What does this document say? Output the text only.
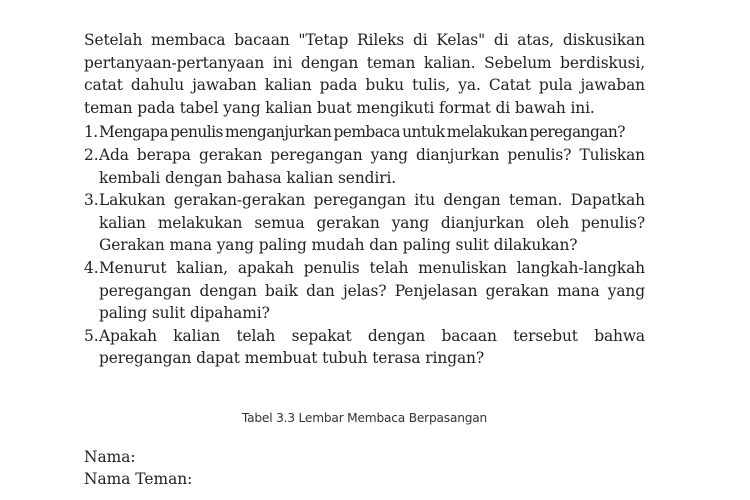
Setelah membaca bacaan "Tetap Rileks di Kelas" di atas, diskusikan pertanyaan-pertanyaan ini dengan teman kalian. Sebelum berdiskusi, catat dahulu jawaban kalian pada buku tulis, ya. Catat pula jawaban teman pada tabel yang kalian buat mengikuti format di bawah ini.

1. Mengapa penulis menganjurkan pembaca untuk melakukan peregangan?
2. Ada berapa gerakan peregangan yang dianjurkan penulis? Tuliskan kembali dengan bahasa kalian sendiri.
3. Lakukan gerakan-gerakan peregangan itu dengan teman. Dapatkah kalian melakukan semua gerakan yang dianjurkan oleh penulis? Gerakan mana yang paling mudah dan paling sulit dilakukan?
4. Menurut kalian, apakah penulis telah menuliskan langkah-langkah peregangan dengan baik dan jelas? Penjelasan gerakan mana yang paling sulit dipahami?
5. Apakah kalian telah sepakat dengan bacaan tersebut bahwa peregangan dapat membuat tubuh terasa ringan?
Tabel 3.3 Lembar Membaca Berpasangan
Nama:
Nama Teman:
